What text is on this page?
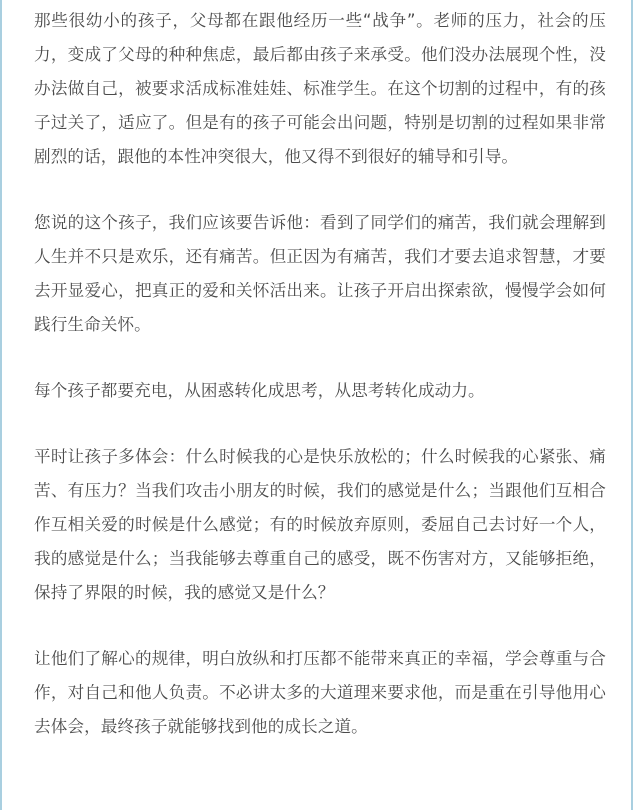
那些很幼小的孩子，父母都在跟他经历一些“战争”。老师的压力，社会的压力，变成了父母的种种焦虑，最后都由孩子来承受。他们没办法展现个性，没办法做自己，被要求活成标准娃娃、标准学生。在这个切割的过程中，有的孩子过关了，适应了。但是有的孩子可能会出问题，特别是切割的过程如果非常剧烈的话，跟他的本性冲突很大，他又得不到很好的辅导和引导。

您说的这个孩子，我们应该要告诉他：看到了同学们的痛苦，我们就会理解到人生并不只是欢乐，还有痛苦。但正因为有痛苦，我们才要去追求智慧，才要去开显爱心，把真正的爱和关怀活出来。让孩子开启出探索欲，慢慢学会如何践行生命关怀。

每个孩子都要充电，从困惑转化成思考，从思考转化成动力。

平时让孩子多体会：什么时候我的心是快乐放松的；什么时候我的心紧张、痛苦、有压力？当我们攻击小朋友的时候，我们的感觉是什么；当跟他们互相合作互相关爱的时候是什么感觉；有的时候放弃原则，委屈自己去讨好一个人，我的感觉是什么；当我能够去尊重自己的感受，既不伤害对方，又能够拒绝，保持了界限的时候，我的感觉又是什么？

让他们了解心的规律，明白放纵和打压都不能带来真正的幸福，学会尊重与合作，对自己和他人负责。不必讲太多的大道理来要求他，而是重在引导他用心去体会，最终孩子就能够找到他的成长之道。
